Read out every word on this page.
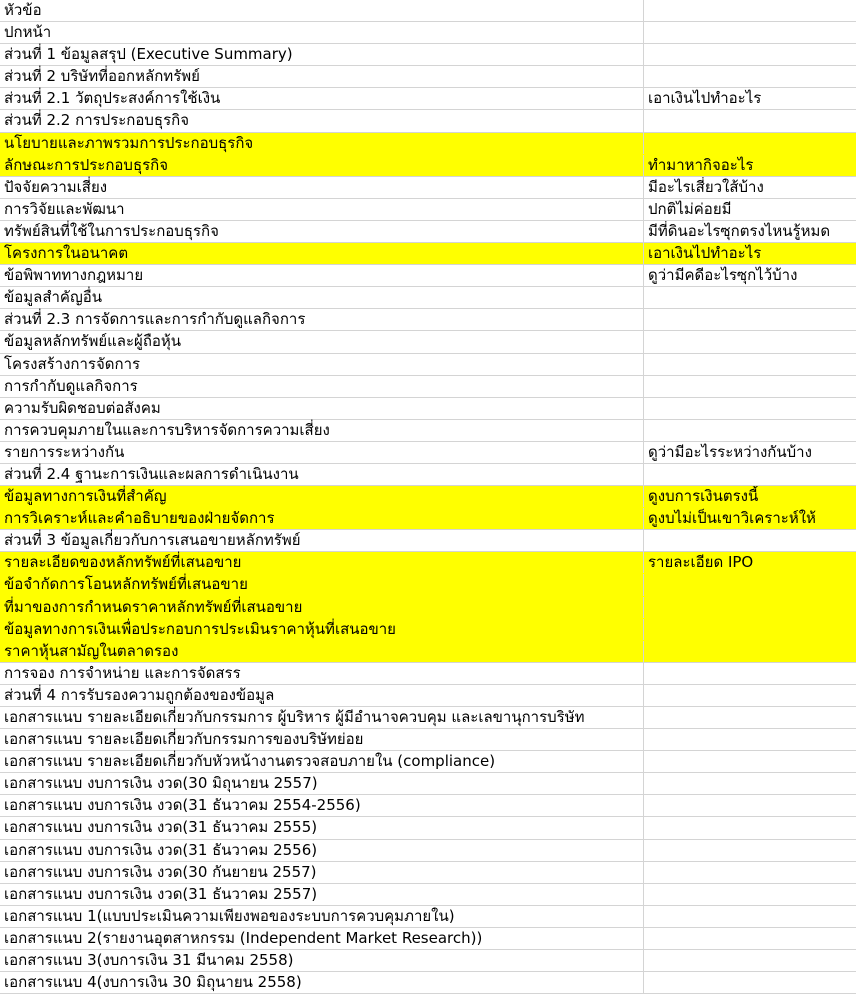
หัวข้อ
ปกหน้า
ส่วนที่ 1 ข้อมูลสรุป (Executive Summary)
ส่วนที่ 2 บริษัทที่ออกหลักทรัพย์
ส่วนที่ 2.1 วัตถุประสงค์การใช้เงิน	เอาเงินไปทำอะไร
ส่วนที่ 2.2 การประกอบธุรกิจ
นโยบายและภาพรวมการประกอบธุรกิจ
ลักษณะการประกอบธุรกิจ	ทำมาหากิจอะไร
ปัจจัยความเสี่ยง	มีอะไรเสี่ยวใส้บ้าง
การวิจัยและพัฒนา	ปกติไม่ค่อยมี
ทรัพย์สินที่ใช้ในการประกอบธุรกิจ	มีที่ดินอะไรซุกตรงไหนรู้หมด
โครงการในอนาคต	เอาเงินไปทำอะไร
ข้อพิพาททางกฎหมาย	ดูว่ามีคดีอะไรซุกไว้บ้าง
ข้อมูลสำคัญอื่น
ส่วนที่ 2.3 การจัดการและการกำกับดูแลกิจการ
ข้อมูลหลักทรัพย์และผู้ถือหุ้น
โครงสร้างการจัดการ
การกำกับดูแลกิจการ
ความรับผิดชอบต่อสังคม
การควบคุมภายในและการบริหารจัดการความเสี่ยง
รายการระหว่างกัน	ดูว่ามีอะไรระหว่างกันบ้าง
ส่วนที่ 2.4 ฐานะการเงินและผลการดำเนินงาน
ข้อมูลทางการเงินที่สำคัญ	ดูงบการเงินตรงนี้
การวิเคราะห์และคำอธิบายของฝ่ายจัดการ	ดูงบไม่เป็นเขาวิเคราะห์ให้
ส่วนที่ 3 ข้อมูลเกี่ยวกับการเสนอขายหลักทรัพย์
รายละเอียดของหลักทรัพย์ที่เสนอขาย	รายละเอียด IPO
ข้อจำกัดการโอนหลักทรัพย์ที่เสนอขาย
ที่มาของการกำหนดราคาหลักทรัพย์ที่เสนอขาย
ข้อมูลทางการเงินเพื่อประกอบการประเมินราคาหุ้นที่เสนอขาย
ราคาหุ้นสามัญในตลาดรอง
การจอง การจำหน่าย และการจัดสรร
ส่วนที่ 4 การรับรองความถูกต้องของข้อมูล
เอกสารแนบ รายละเอียดเกี่ยวกับกรรมการ ผู้บริหาร ผู้มีอำนาจควบคุม และเลขานุการบริษัท
เอกสารแนบ รายละเอียดเกี่ยวกับกรรมการของบริษัทย่อย
เอกสารแนบ รายละเอียดเกี่ยวกับหัวหน้างานตรวจสอบภายใน (compliance)
เอกสารแนบ งบการเงิน งวด(30 มิถุนายน 2557)
เอกสารแนบ งบการเงิน งวด(31 ธันวาคม 2554-2556)
เอกสารแนบ งบการเงิน งวด(31 ธันวาคม 2555)
เอกสารแนบ งบการเงิน งวด(31 ธันวาคม 2556)
เอกสารแนบ งบการเงิน งวด(30 กันยายน 2557)
เอกสารแนบ งบการเงิน งวด(31 ธันวาคม 2557)
เอกสารแนบ 1(แบบประเมินความเพียงพอของระบบการควบคุมภายใน)
เอกสารแนบ 2(รายงานอุตสาหกรรม (Independent Market Research))
เอกสารแนบ 3(งบการเงิน 31 มีนาคม 2558)
เอกสารแนบ 4(งบการเงิน 30 มิถุนายน 2558)
